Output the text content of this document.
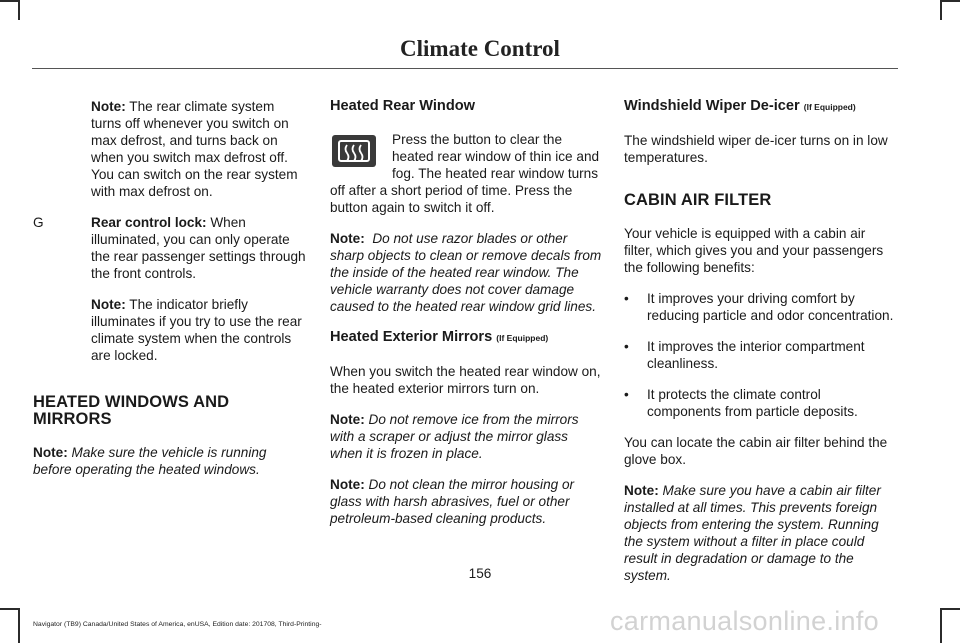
Climate Control

Note: The rear climate system turns off whenever you switch on max defrost, and turns back on when you switch max defrost off. You can switch on the rear system with max defrost on.

G	Rear control lock: When illuminated, you can only operate the rear passenger settings through the front controls.

Note: The indicator briefly illuminates if you try to use the rear climate system when the controls are locked.

HEATED WINDOWS AND MIRRORS

Note: Make sure the vehicle is running before operating the heated windows.

Heated Rear Window

Press the button to clear the heated rear window of thin ice and fog. The heated rear window turns off after a short period of time. Press the button again to switch it off.

Note: Do not use razor blades or other sharp objects to clean or remove decals from the inside of the heated rear window. The vehicle warranty does not cover damage caused to the heated rear window grid lines.

Heated Exterior Mirrors (If Equipped)

When you switch the heated rear window on, the heated exterior mirrors turn on.

Note: Do not remove ice from the mirrors with a scraper or adjust the mirror glass when it is frozen in place.

Note: Do not clean the mirror housing or glass with harsh abrasives, fuel or other petroleum-based cleaning products.

Windshield Wiper De-icer (If Equipped)

The windshield wiper de-icer turns on in low temperatures.

CABIN AIR FILTER

Your vehicle is equipped with a cabin air filter, which gives you and your passengers the following benefits:

•	It improves your driving comfort by reducing particle and odor concentration.
•	It improves the interior compartment cleanliness.
•	It protects the climate control components from particle deposits.

You can locate the cabin air filter behind the glove box.

Note: Make sure you have a cabin air filter installed at all times. This prevents foreign objects from entering the system. Running the system without a filter in place could result in degradation or damage to the system.

156
Navigator (TB9) Canada/United States of America, enUSA, Edition date: 201708, Third-Printing-	carmanualsonline.info
